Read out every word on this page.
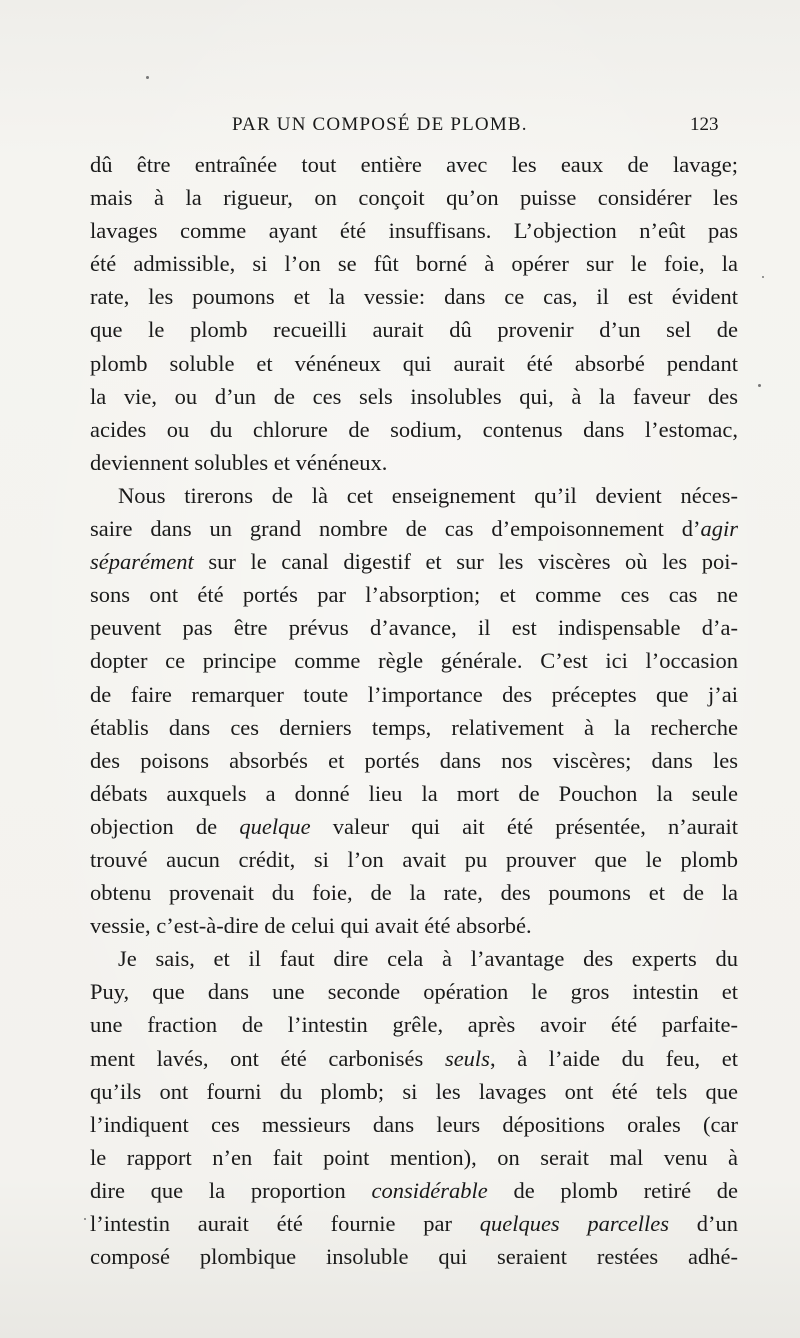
PAR UN COMPOSÉ DE PLOMB.	123
dû être entraînée tout entière avec les eaux de lavage;
mais à la rigueur, on conçoit qu’on puisse considérer les
lavages comme ayant été insuffisans. L’objection n’eût pas
été admissible, si l’on se fût borné à opérer sur le foie, la
rate, les poumons et la vessie: dans ce cas, il est évident
que le plomb recueilli aurait dû provenir d’un sel de
plomb soluble et vénéneux qui aurait été absorbé pendant
la vie, ou d’un de ces sels insolubles qui, à la faveur des
acides ou du chlorure de sodium, contenus dans l’estomac,
deviennent solubles et vénéneux.
Nous tirerons de là cet enseignement qu’il devient néces-
saire dans un grand nombre de cas d’empoisonnement d’agir
séparément sur le canal digestif et sur les viscères où les poi-
sons ont été portés par l’absorption; et comme ces cas ne
peuvent pas être prévus d’avance, il est indispensable d’a-
dopter ce principe comme règle générale. C’est ici l’occasion
de faire remarquer toute l’importance des préceptes que j’ai
établis dans ces derniers temps, relativement à la recherche
des poisons absorbés et portés dans nos viscères; dans les
débats auxquels a donné lieu la mort de Pouchon la seule
objection de quelque valeur qui ait été présentée, n’aurait
trouvé aucun crédit, si l’on avait pu prouver que le plomb
obtenu provenait du foie, de la rate, des poumons et de la
vessie, c’est-à-dire de celui qui avait été absorbé.
Je sais, et il faut dire cela à l’avantage des experts du
Puy, que dans une seconde opération le gros intestin et
une fraction de l’intestin grêle, après avoir été parfaite-
ment lavés, ont été carbonisés seuls, à l’aide du feu, et
qu’ils ont fourni du plomb; si les lavages ont été tels que
l’indiquent ces messieurs dans leurs dépositions orales (car
le rapport n’en fait point mention), on serait mal venu à
dire que la proportion considérable de plomb retiré de
l’intestin aurait été fournie par quelques parcelles d’un
composé plombique insoluble qui seraient restées adhé-
